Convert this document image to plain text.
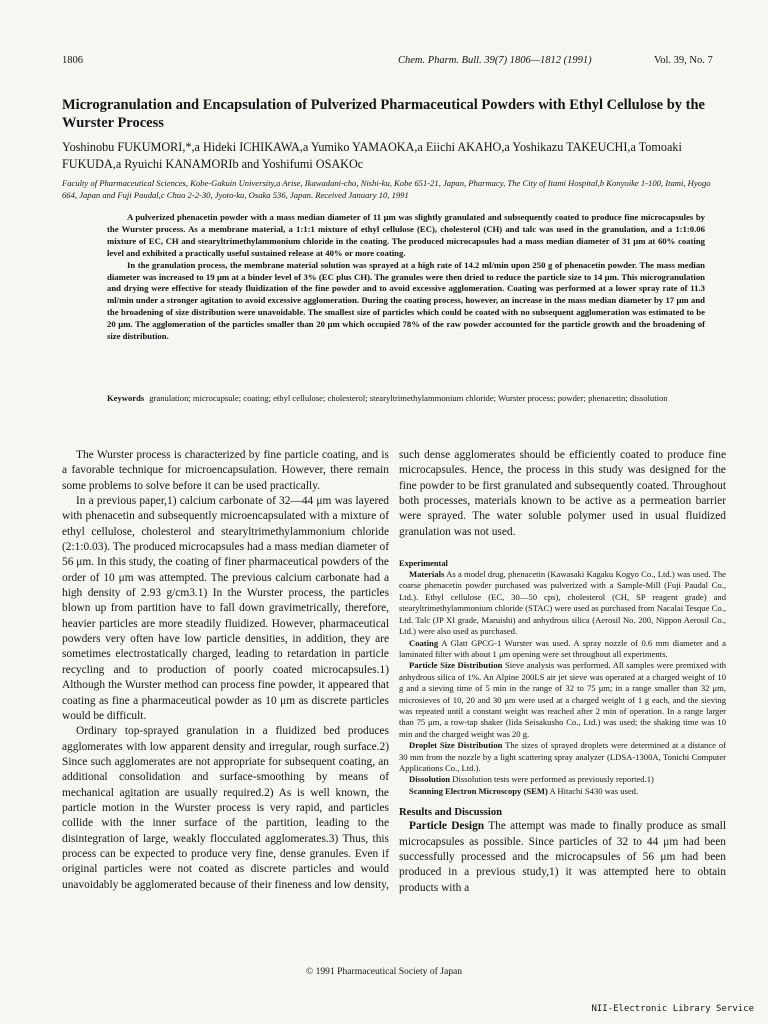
1806	Chem. Pharm. Bull. 39(7) 1806—1812 (1991)	Vol. 39, No. 7
Microgranulation and Encapsulation of Pulverized Pharmaceutical Powders with Ethyl Cellulose by the Wurster Process

Yoshinobu FUKUMORI,*,a Hideki ICHIKAWA,a Yumiko YAMAOKA,a Eiichi AKAHO,a Yoshikazu TAKEUCHI,a Tomoaki FUKUDA,a Ryuichi KANAMORIb and Yoshifumi OSAKOc

Faculty of Pharmaceutical Sciences, Kobe-Gakuin University,a Arise, Ikawadani-cho, Nishi-ku, Kobe 651-21, Japan, Pharmacy, The City of Itami Hospital,b Konyoike 1-100, Itami, Hyogo 664, Japan and Fuji Paudal,c Chuo 2-2-30, Jyoto-ku, Osaka 536, Japan. Received January 10, 1991

A pulverized phenacetin powder with a mass median diameter of 11 μm was slightly granulated and subsequently coated to produce fine microcapsules by the Wurster process. As a membrane material, a 1:1:1 mixture of ethyl cellulose (EC), cholesterol (CH) and talc was used in the granulation, and a 1:1:0.06 mixture of EC, CH and stearyltrimethylammonium chloride in the coating. The produced microcapsules had a mass median diameter of 31 μm at 60% coating level and exhibited a practically useful sustained release at 40% or more coating.

In the granulation process, the membrane material solution was sprayed at a high rate of 14.2 ml/min upon 250 g of phenacetin powder. The mass median diameter was increased to 19 μm at a binder level of 3% (EC plus CH). The granules were then dried to reduce the particle size to 14 μm. This microgranulation and drying were effective for steady fluidization of the fine powder and to avoid excessive agglomeration. Coating was performed at a lower spray rate of 11.3 ml/min under a stronger agitation to avoid excessive agglomeration. During the coating process, however, an increase in the mass median diameter by 17 μm and the broadening of size distribution were unavoidable. The smallest size of particles which could be coated with no subsequent agglomeration was estimated to be 20 μm. The agglomeration of the particles smaller than 20 μm which occupied 78% of the raw powder accounted for the particle growth and the broadening of size distribution.

Keywords granulation; microcapsule; coating; ethyl cellulose; cholesterol; stearyltrimethylammonium chloride; Wurster process; powder; phenacetin; dissolution

The Wurster process is characterized by fine particle coating, and is a favorable technique for microencapsulation. However, there remain some problems to solve before it can be used practically.

In a previous paper,1) calcium carbonate of 32—44 μm was layered with phenacetin and subsequently microencapsulated with a mixture of ethyl cellulose, cholesterol and stearyltrimethylammonium chloride (2:1:0.03). The produced microcapsules had a mass median diameter of 56 μm. In this study, the coating of finer pharmaceutical powders of the order of 10 μm was attempted. The previous calcium carbonate had a high density of 2.93 g/cm3.1) In the Wurster process, the particles blown up from partition have to fall down gravimetrically, therefore, heavier particles are more steadily fluidized. However, pharmaceutical powders very often have low particle densities, in addition, they are sometimes electrostatically charged, leading to retardation in particle recycling and to production of poorly coated microcapsules.1) Although the Wurster method can process fine powder, it appeared that coating as fine a pharmaceutical powder as 10 μm as discrete particles would be difficult.

Ordinary top-sprayed granulation in a fluidized bed produces agglomerates with low apparent density and irregular, rough surface.2) Since such agglomerates are not appropriate for subsequent coating, an additional consolidation and surface-smoothing by means of mechanical agitation are usually required.2) As is well known, the particle motion in the Wurster process is very rapid, and particles collide with the inner surface of the partition, leading to the disintegration of large, weakly flocculated agglomerates.3) Thus, this process can be expected to produce very fine, dense granules. Even if original particles were not coated as discrete particles and would unavoidably be agglomerated because of their fineness and low density,

such dense agglomerates should be efficiently coated to produce fine microcapsules. Hence, the process in this study was designed for the fine powder to be first granulated and subsequently coated. Throughout both processes, materials known to be active as a permeation barrier were sprayed. The water soluble polymer used in usual fluidized granulation was not used.

Experimental

Materials As a model drug, phenacetin (Kawasaki Kagaku Kogyo Co., Ltd.) was used. The coarse phenacetin powder purchased was pulverized with a Sample-Mill (Fuji Paudal Co., Ltd.). Ethyl cellulose (EC, 30—50 cps), cholesterol (CH, SP reagent grade) and stearyltrimethylammonium chloride (STAC) were used as purchased from Nacalai Tesque Co., Ltd. Talc (JP XI grade, Maruishi) and anhydrous silica (Aerosil No. 200, Nippon Aerosil Co., Ltd.) were also used as purchased.

Coating A Glatt GPCG-1 Wurster was used. A spray nozzle of 0.6 mm diameter and a laminated filter with about 1 μm opening were set throughout all experiments.

Particle Size Distribution Sieve analysis was performed. All samples were premixed with anhydrous silica of 1%. An Alpine 200LS air jet sieve was operated at a charged weight of 10 g and a sieving time of 5 min in the range of 32 to 75 μm; in a range smaller than 32 μm, microsieves of 10, 20 and 30 μm were used at a charged weight of 1 g each, and the sieving was repeated until a constant weight was reached after 2 min of operation. In a range larger than 75 μm, a row-tap shaker (Iida Seisakusho Co., Ltd.) was used; the shaking time was 10 min and the charged weight was 20 g.

Droplet Size Distribution The sizes of sprayed droplets were determined at a distance of 30 mm from the nozzle by a light scattering spray analyzer (LDSA-1300A, Tonichi Computer Applications Co., Ltd.).

Dissolution Dissolution tests were performed as previously reported.1)

Scanning Electron Microscopy (SEM) A Hitachi S430 was used.

Results and Discussion

Particle Design The attempt was made to finally produce as small microcapsules as possible. Since particles of 32 to 44 μm had been successfully processed and the microcapsules of 56 μm had been produced in a previous study,1) it was attempted here to obtain products with a

© 1991 Pharmaceutical Society of Japan
NII-Electronic Library Service
